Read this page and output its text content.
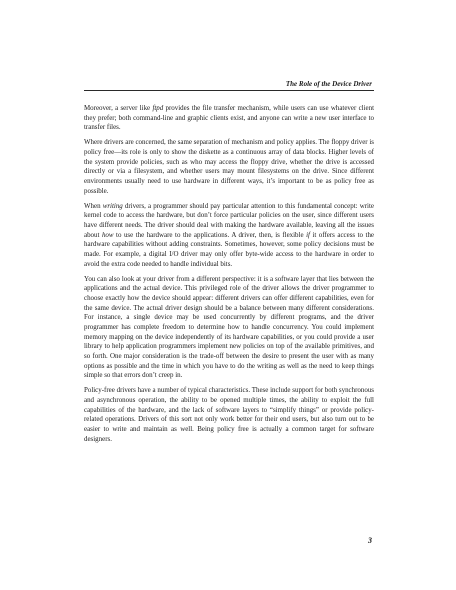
The Role of the Device Driver

Moreover, a server like ftpd provides the file transfer mechanism, while users can use whatever client they prefer; both command-line and graphic clients exist, and anyone can write a new user interface to transfer files.

Where drivers are concerned, the same separation of mechanism and policy applies. The floppy driver is policy free—its role is only to show the diskette as a continuous array of data blocks. Higher levels of the system provide policies, such as who may access the floppy drive, whether the drive is accessed directly or via a filesystem, and whether users may mount filesystems on the drive. Since different environments usually need to use hardware in different ways, it’s important to be as policy free as possible.

When writing drivers, a programmer should pay particular attention to this fundamental concept: write kernel code to access the hardware, but don’t force particular policies on the user, since different users have different needs. The driver should deal with making the hardware available, leaving all the issues about how to use the hardware to the applications. A driver, then, is flexible if it offers access to the hardware capabilities without adding constraints. Sometimes, however, some policy decisions must be made. For example, a digital I/O driver may only offer byte-wide access to the hardware in order to avoid the extra code needed to handle individual bits.

You can also look at your driver from a different perspective: it is a software layer that lies between the applications and the actual device. This privileged role of the driver allows the driver programmer to choose exactly how the device should appear: different drivers can offer different capabilities, even for the same device. The actual driver design should be a balance between many different considerations. For instance, a single device may be used concurrently by different programs, and the driver programmer has complete freedom to determine how to handle concurrency. You could implement memory mapping on the device independently of its hardware capabilities, or you could provide a user library to help application programmers implement new policies on top of the available primitives, and so forth. One major consideration is the trade-off between the desire to present the user with as many options as possible and the time in which you have to do the writing as well as the need to keep things simple so that errors don’t creep in.

Policy-free drivers have a number of typical characteristics. These include support for both synchronous and asynchronous operation, the ability to be opened multiple times, the ability to exploit the full capabilities of the hardware, and the lack of software layers to “simplify things” or provide policy-related operations. Drivers of this sort not only work better for their end users, but also turn out to be easier to write and maintain as well. Being policy free is actually a common target for software designers.

3
